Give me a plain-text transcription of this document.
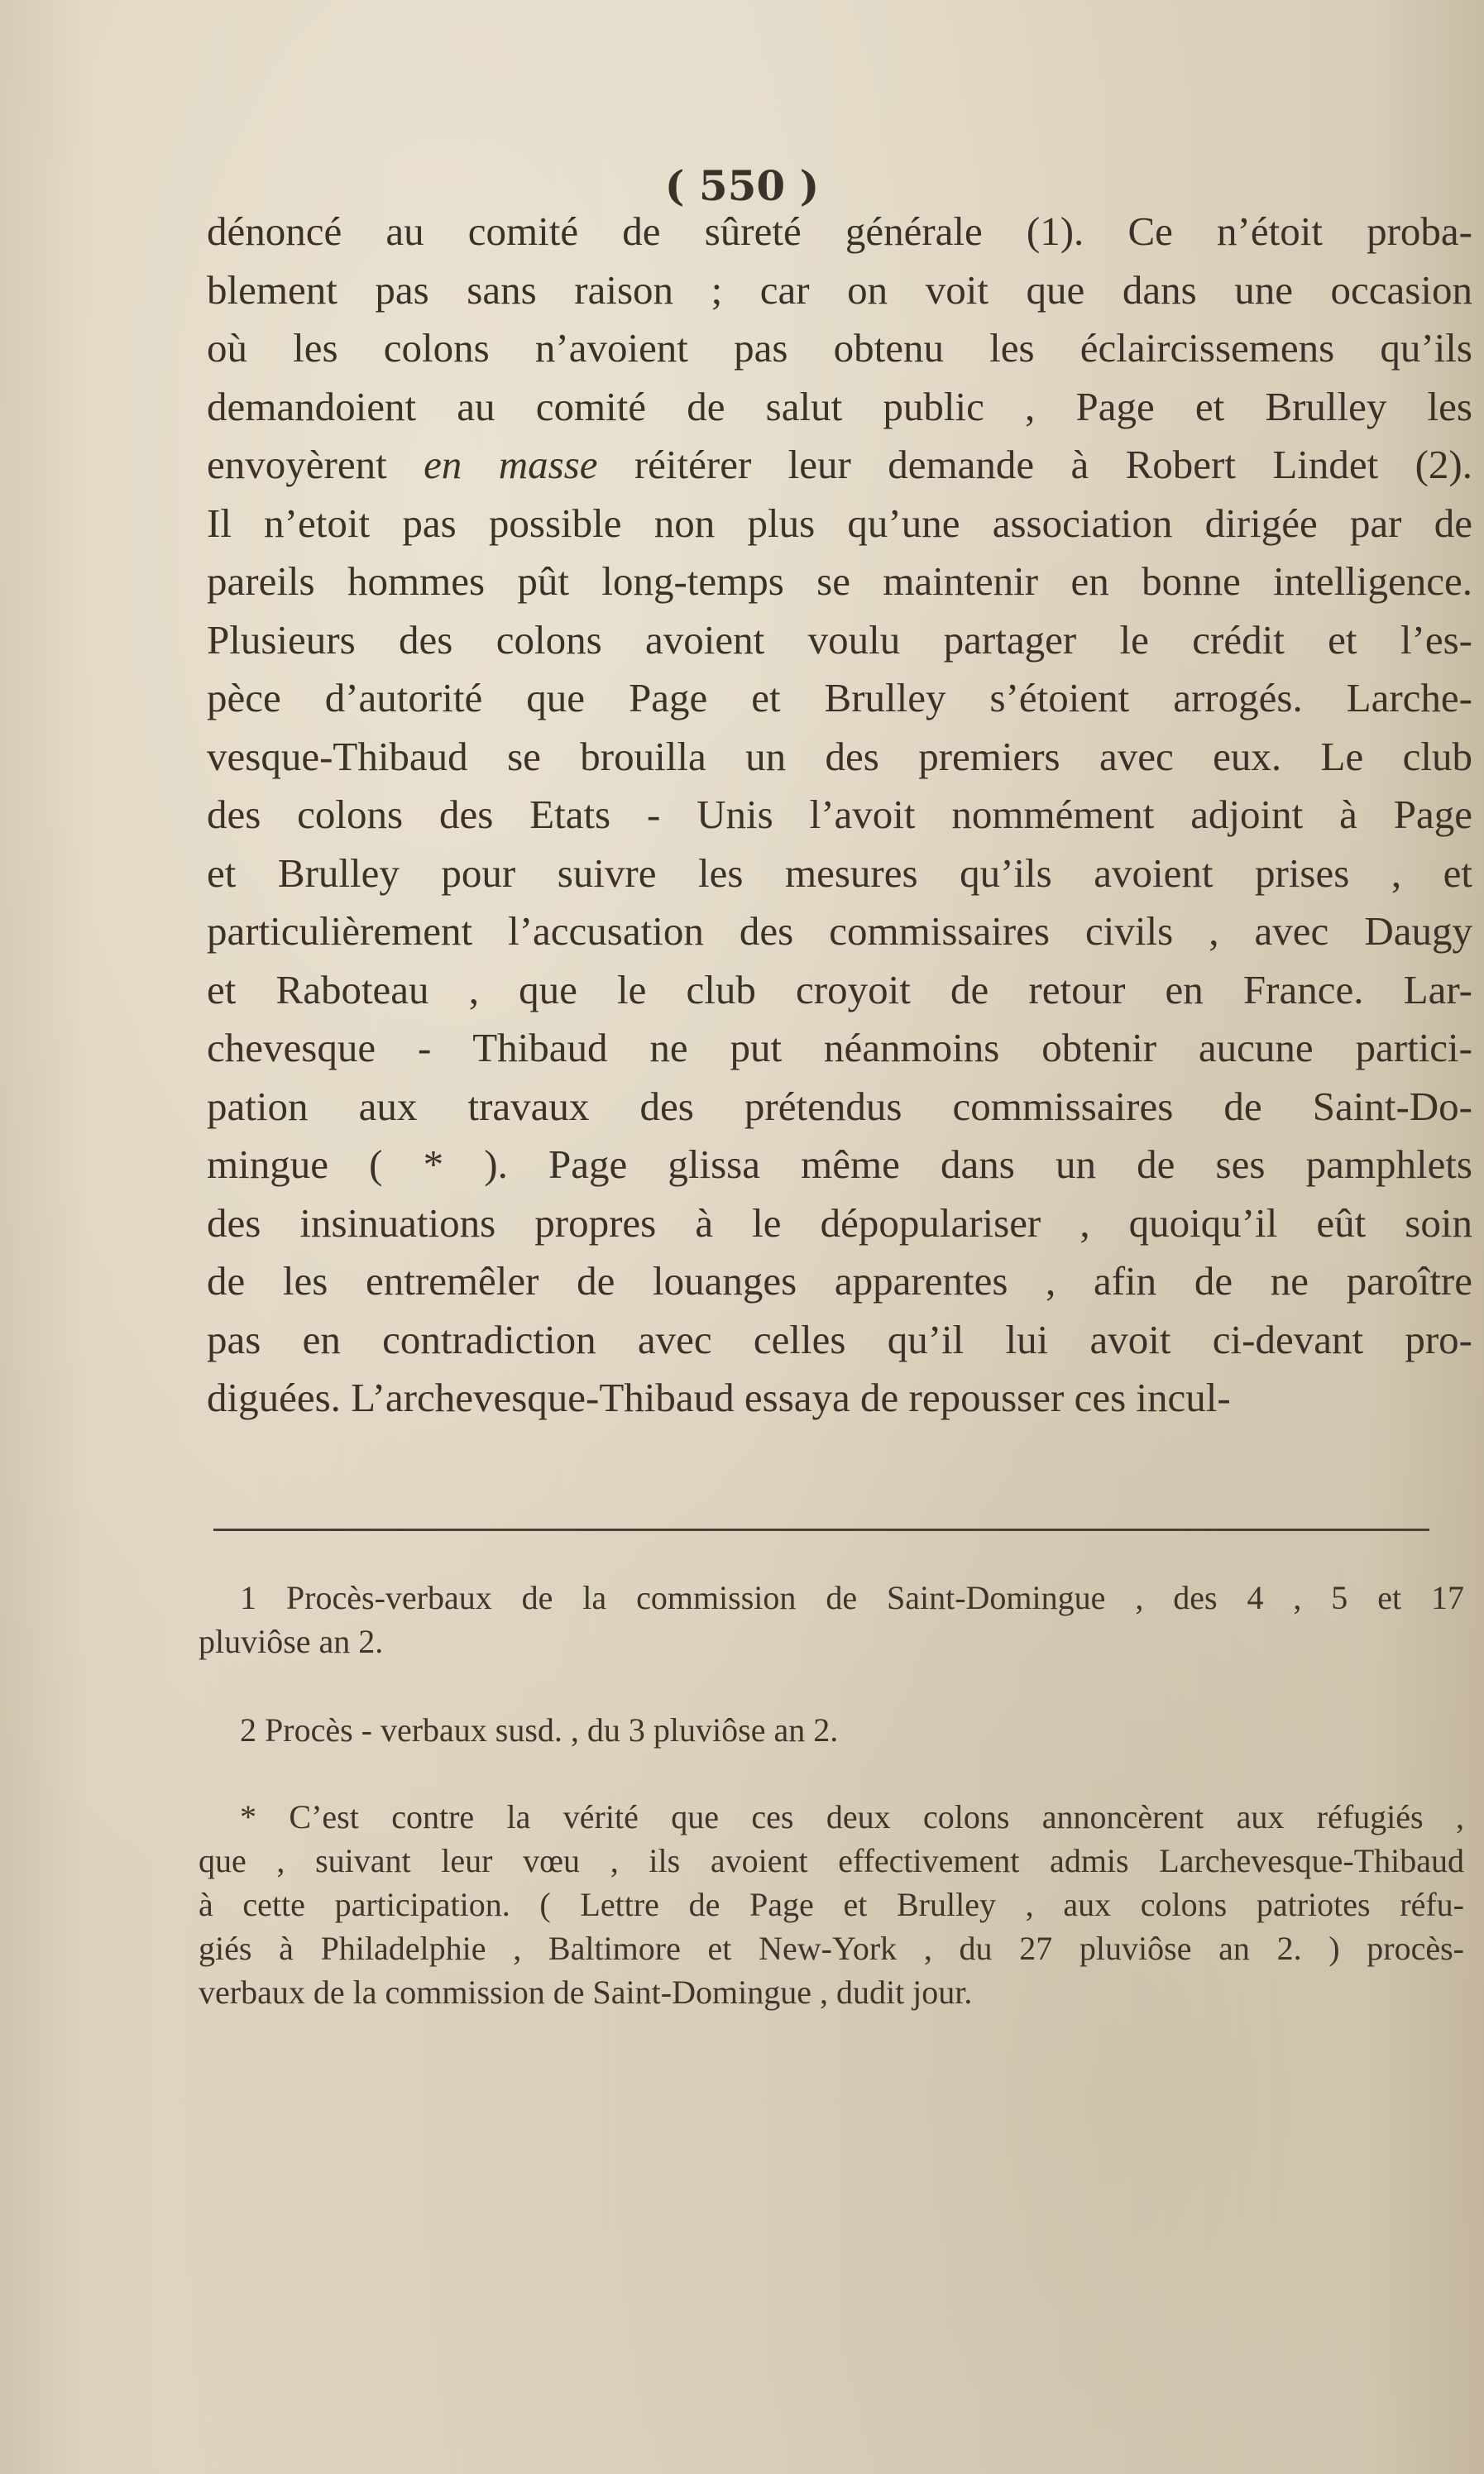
( 550 )

dénoncé au comité de sûreté générale (1). Ce n’étoit proba-
blement pas sans raison ; car on voit que dans une occasion
où les colons n’avoient pas obtenu les éclaircissemens qu’ils
demandoient au comité de salut public , Page et Brulley les
envoyèrent en masse réitérer leur demande à Robert Lindet (2).
Il n’etoit pas possible non plus qu’une association dirigée par de
pareils hommes pût long-temps se maintenir en bonne intelligence.
Plusieurs des colons avoient voulu partager le crédit et l’es-
pèce d’autorité que Page et Brulley s’étoient arrogés. Larche-
vesque-Thibaud se brouilla un des premiers avec eux. Le club
des colons des Etats - Unis l’avoit nommément adjoint à Page
et Brulley pour suivre les mesures qu’ils avoient prises , et
particulièrement l’accusation des commissaires civils , avec Daugy
et Raboteau , que le club croyoit de retour en France. Lar-
chevesque - Thibaud ne put néanmoins obtenir aucune partici-
pation aux travaux des prétendus commissaires de Saint-Do-
mingue ( * ). Page glissa même dans un de ses pamphlets
des insinuations propres à le dépopulariser , quoiqu’il eût soin
de les entremêler de louanges apparentes , afin de ne paroître
pas en contradiction avec celles qu’il lui avoit ci-devant pro-
diguées. L’archevesque-Thibaud essaya de repousser ces incul-

1 Procès-verbaux de la commission de Saint-Domingue , des 4 , 5 et 17
pluviôse an 2.
2 Procès - verbaux susd. , du 3 pluviôse an 2.
* C’est contre la vérité que ces deux colons annoncèrent aux réfugiés ,
que , suivant leur vœu , ils avoient effectivement admis Larchevesque-Thibaud
à cette participation. ( Lettre de Page et Brulley , aux colons patriotes réfu-
giés à Philadelphie , Baltimore et New-York , du 27 pluviôse an 2. ) procès-
verbaux de la commission de Saint-Domingue , dudit jour.
